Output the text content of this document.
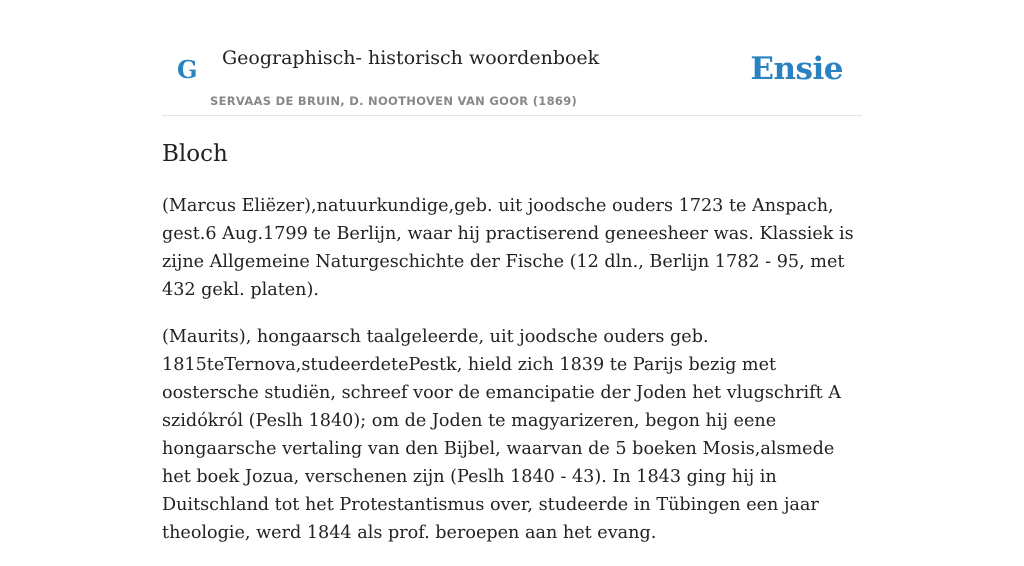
G Geographisch- historisch woordenboek
SERVAAS DE BRUIN, D. NOOTHOVEN VAN GOOR (1869)
Ensie
Bloch

(Marcus Eliëzer),natuurkundige,geb. uit joodsche ouders 1723 te Anspach, gest.6 Aug.1799 te Berlijn, waar hij practiserend geneesheer was. Klassiek is zijne Allgemeine Naturgeschichte der Fische (12 dln., Berlijn 1782 - 95, met 432 gekl. platen).

(Maurits), hongaarsch taalgeleerde, uit joodsche ouders geb. 1815teTernova,studeerdetePestk, hield zich 1839 te Parijs bezig met oostersche studiën, schreef voor de emancipatie der Joden het vlugschrift A szidókról (Peslh 1840); om de Joden te magyarizeren, begon hij eene hongaarsche vertaling van den Bijbel, waarvan de 5 boeken Mosis,alsmede het boek Jozua, verschenen zijn (Peslh 1840 - 43). In 1843 ging hij in Duitschland tot het Protestantismus over, studeerde in Tübingen een jaar theologie, werd 1844 als prof. beroepen aan het evang.
